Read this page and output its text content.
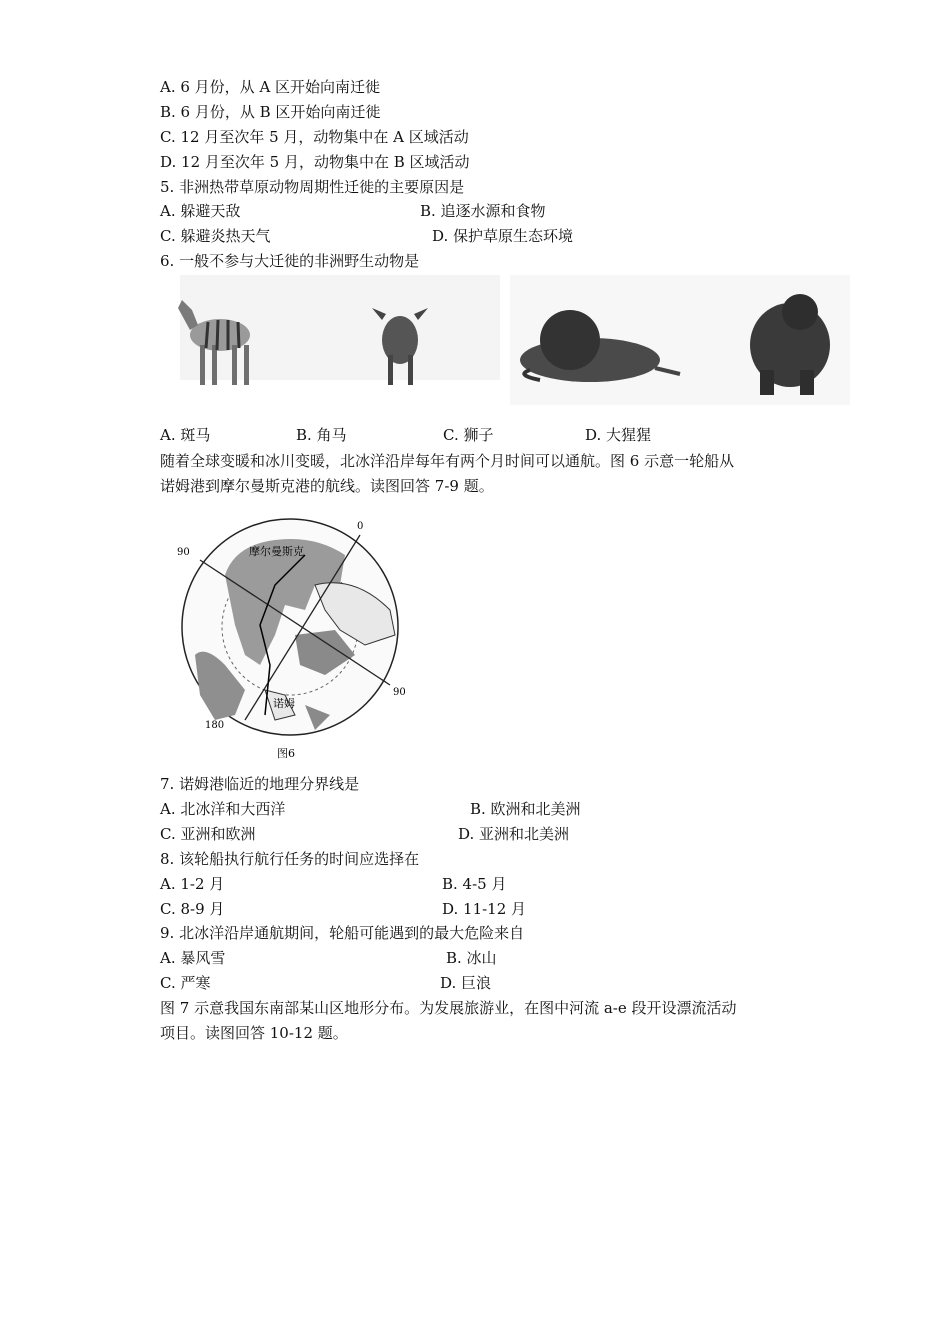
A. 6 月份，从 A 区开始向南迁徙
B. 6 月份，从 B 区开始向南迁徙
C. 12 月至次年 5 月，动物集中在 A 区域活动
D. 12 月至次年 5 月，动物集中在 B 区域活动
5. 非洲热带草原动物周期性迁徙的主要原因是
A. 躲避天敌	B. 追逐水源和食物
C. 躲避炎热天气	D. 保护草原生态环境
6. 一般不参与大迁徙的非洲野生动物是
A. 斑马	B. 角马	C. 狮子	D. 大猩猩
随着全球变暖和冰川变暖，北冰洋沿岸每年有两个月时间可以通航。图 6 示意一轮船从
诺姆港到摩尔曼斯克港的航线。读图回答 7-9 题。
0
90
90
180
摩尔曼斯克
诺姆
图6
7. 诺姆港临近的地理分界线是
A. 北冰洋和大西洋	B. 欧洲和北美洲
C. 亚洲和欧洲	D. 亚洲和北美洲
8. 该轮船执行航行任务的时间应选择在
A. 1-2 月	B. 4-5 月
C. 8-9 月	D. 11-12 月
9. 北冰洋沿岸通航期间，轮船可能遇到的最大危险来自
A. 暴风雪	B. 冰山
C. 严寒	D. 巨浪
图 7 示意我国东南部某山区地形分布。为发展旅游业，在图中河流 a-e 段开设漂流活动
项目。读图回答 10-12 题。
